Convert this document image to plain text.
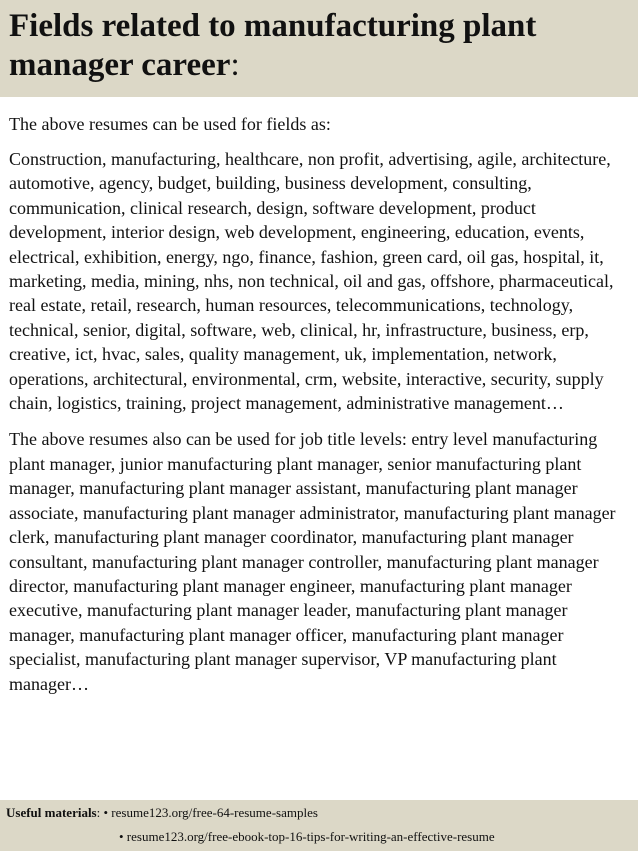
Fields related to manufacturing plant manager career:

The above resumes can be used for fields as:

Construction, manufacturing, healthcare, non profit, advertising, agile, architecture, automotive, agency, budget, building, business development, consulting, communication, clinical research, design, software development, product development, interior design, web development, engineering, education, events, electrical, exhibition, energy, ngo, finance, fashion, green card, oil gas, hospital, it, marketing, media, mining, nhs, non technical, oil and gas, offshore, pharmaceutical, real estate, retail, research, human resources, telecommunications, technology, technical, senior, digital, software, web, clinical, hr, infrastructure, business, erp, creative, ict, hvac, sales, quality management, uk, implementation, network, operations, architectural, environmental, crm, website, interactive, security, supply chain, logistics, training, project management, administrative management…

The above resumes also can be used for job title levels: entry level manufacturing plant manager, junior manufacturing plant manager, senior manufacturing plant manager, manufacturing plant manager assistant, manufacturing plant manager associate, manufacturing plant manager administrator, manufacturing plant manager clerk, manufacturing plant manager coordinator, manufacturing plant manager consultant, manufacturing plant manager controller, manufacturing plant manager director, manufacturing plant manager engineer, manufacturing plant manager executive, manufacturing plant manager leader, manufacturing plant manager manager, manufacturing plant manager officer, manufacturing plant manager specialist, manufacturing plant manager supervisor, VP manufacturing plant manager…

Useful materials: • resume123.org/free-64-resume-samples
• resume123.org/free-ebook-top-16-tips-for-writing-an-effective-resume
